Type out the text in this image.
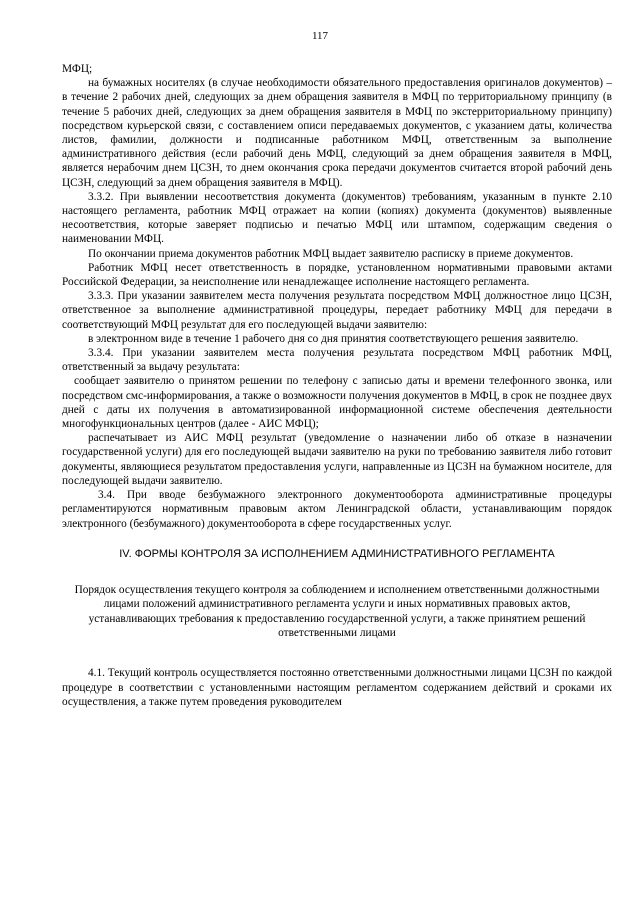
117

МФЦ;

на бумажных носителях (в случае необходимости обязательного предоставления оригиналов документов) – в течение 2 рабочих дней, следующих за днем обращения заявителя в МФЦ по территориальному принципу (в течение 5 рабочих дней, следующих за днем обращения заявителя в МФЦ по экстерриториальному принципу) посредством курьерской связи, с составлением описи передаваемых документов, с указанием даты, количества листов, фамилии, должности и подписанные работником МФЦ, ответственным за выполнение административного действия (если рабочий день МФЦ, следующий за днем обращения заявителя в МФЦ, является нерабочим днем ЦСЗН, то днем окончания срока передачи документов считается второй рабочий день ЦСЗН, следующий за днем обращения заявителя в МФЦ).

3.3.2. При выявлении несоответствия документа (документов) требованиям, указанным в пункте 2.10 настоящего регламента, работник МФЦ отражает на копии (копиях) документа (документов) выявленные несоответствия, которые заверяет подписью и печатью МФЦ или штампом, содержащим сведения о наименовании МФЦ.

По окончании приема документов работник МФЦ выдает заявителю расписку в приеме документов.

Работник МФЦ несет ответственность в порядке, установленном нормативными правовыми актами Российской Федерации, за неисполнение или ненадлежащее исполнение настоящего регламента.

3.3.3. При указании заявителем места получения результата посредством МФЦ должностное лицо ЦСЗН, ответственное за выполнение административной процедуры, передает работнику МФЦ для передачи в соответствующий МФЦ результат для его последующей выдачи заявителю:

в электронном виде в течение 1 рабочего дня со дня принятия соответствующего решения заявителю.

3.3.4. При указании заявителем места получения результата посредством МФЦ работник МФЦ, ответственный за выдачу результата:

сообщает заявителю о принятом решении по телефону с записью даты и времени телефонного звонка, или посредством смс-информирования, а также о возможности получения документов в МФЦ, в срок не позднее двух дней с даты их получения в автоматизированной информационной системе обеспечения деятельности многофункциональных центров (далее - АИС МФЦ);

распечатывает из АИС МФЦ результат (уведомление о назначении либо об отказе в назначении государственной услуги) для его последующей выдачи заявителю на руки по требованию заявителя либо готовит документы, являющиеся результатом предоставления услуги, направленные из ЦСЗН на бумажном носителе, для последующей выдачи заявителю.

3.4. При вводе безбумажного электронного документооборота административные процедуры регламентируются нормативным правовым актом Ленинградской области, устанавливающим порядок электронного (безбумажного) документооборота в сфере государственных услуг.

IV. ФОРМЫ КОНТРОЛЯ ЗА ИСПОЛНЕНИЕМ АДМИНИСТРАТИВНОГО РЕГЛАМЕНТА

Порядок осуществления текущего контроля за соблюдением и исполнением ответственными должностными лицами положений административного регламента услуги и иных нормативных правовых актов, устанавливающих требования к предоставлению государственной услуги, а также принятием решений ответственными лицами

4.1. Текущий контроль осуществляется постоянно ответственными должностными лицами ЦСЗН по каждой процедуре в соответствии с установленными настоящим регламентом содержанием действий и сроками их осуществления, а также путем проведения руководителем
